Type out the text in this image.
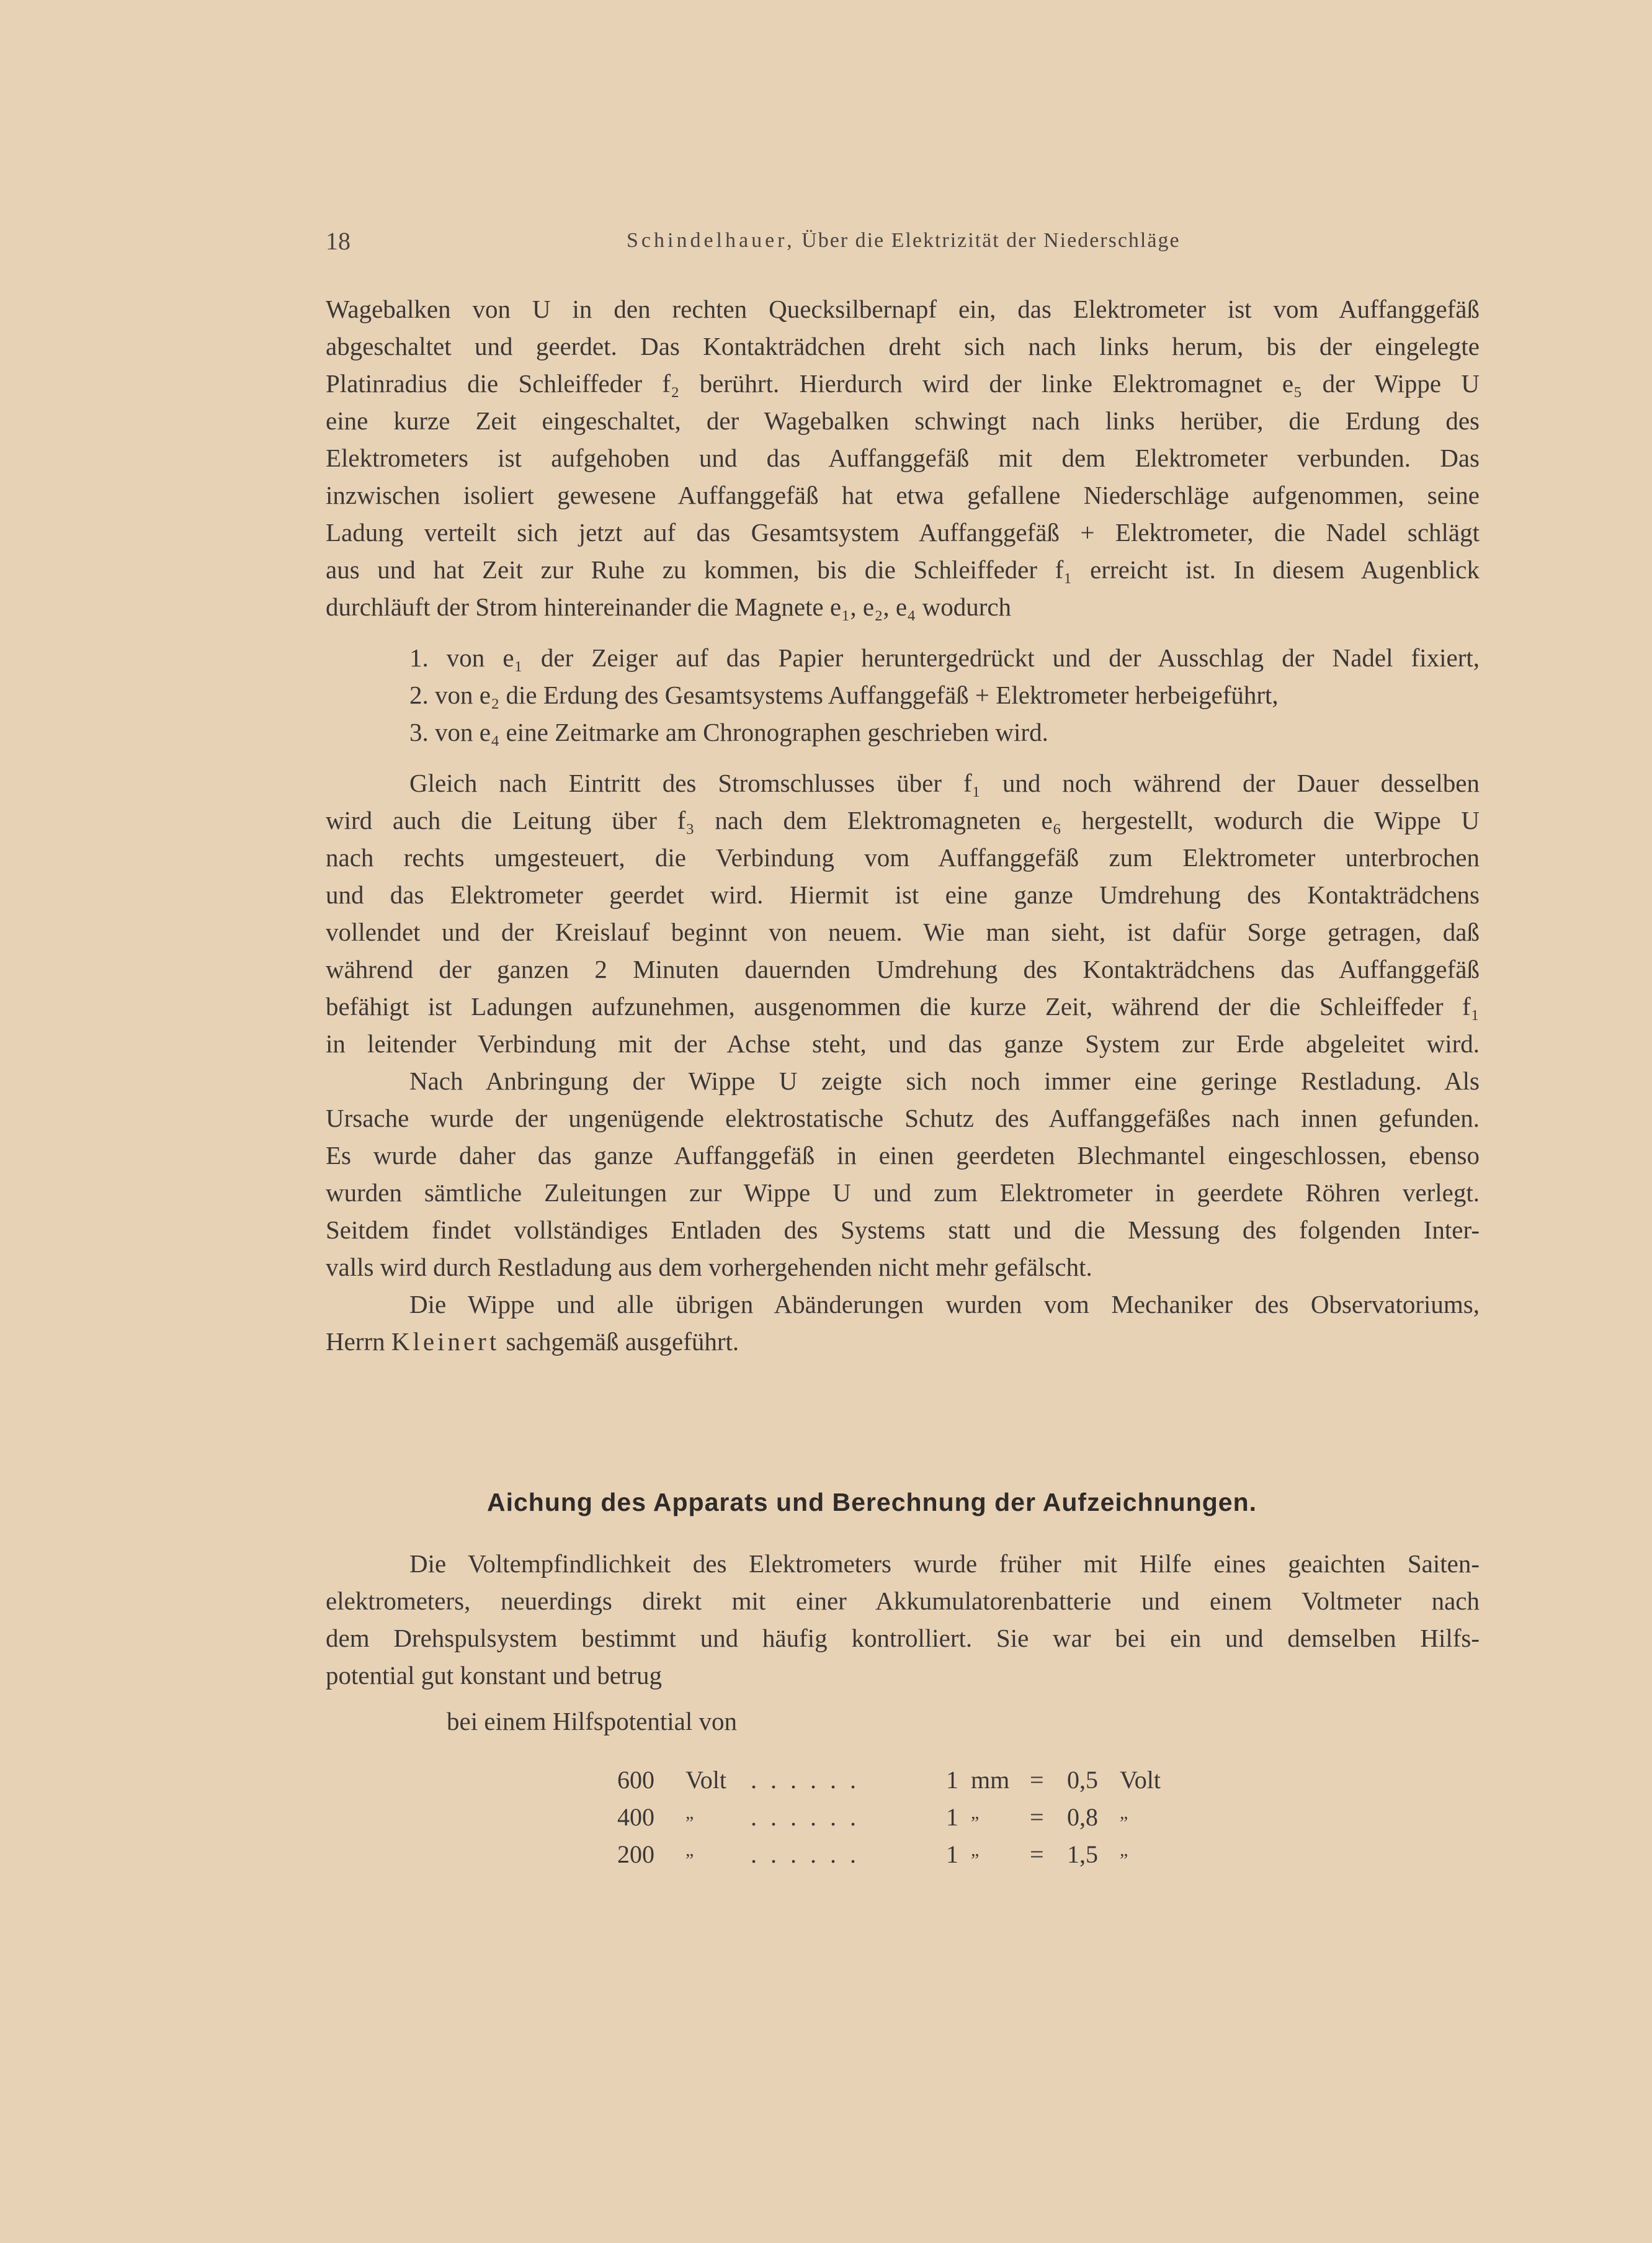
18	Schindelhauer, Über die Elektrizität der Niederschläge
Wagebalken von U in den rechten Quecksilbernapf ein, das Elektrometer ist vom Auffanggefäß
abgeschaltet und geerdet. Das Kontakträdchen dreht sich nach links herum, bis der eingelegte
Platinradius die Schleiffeder f₂ berührt. Hierdurch wird der linke Elektromagnet e₅ der Wippe U
eine kurze Zeit eingeschaltet, der Wagebalken schwingt nach links herüber, die Erdung des
Elektrometers ist aufgehoben und das Auffanggefäß mit dem Elektrometer verbunden. Das
inzwischen isoliert gewesene Auffanggefäß hat etwa gefallene Niederschläge aufgenommen, seine
Ladung verteilt sich jetzt auf das Gesamtsystem Auffanggefäß + Elektrometer, die Nadel schlägt
aus und hat Zeit zur Ruhe zu kommen, bis die Schleiffeder f₁ erreicht ist. In diesem Augenblick
durchläuft der Strom hintereinander die Magnete e₁, e₂, e₄ wodurch
1. von e₁ der Zeiger auf das Papier heruntergedrückt und der Ausschlag der Nadel fixiert,
2. von e₂ die Erdung des Gesamtsystems Auffanggefäß + Elektrometer herbeigeführt,
3. von e₄ eine Zeitmarke am Chronographen geschrieben wird.
Gleich nach Eintritt des Stromschlusses über f₁ und noch während der Dauer desselben
wird auch die Leitung über f₃ nach dem Elektromagneten e₆ hergestellt, wodurch die Wippe U
nach rechts umgesteuert, die Verbindung vom Auffanggefäß zum Elektrometer unterbrochen
und das Elektrometer geerdet wird. Hiermit ist eine ganze Umdrehung des Kontakträdchens
vollendet und der Kreislauf beginnt von neuem. Wie man sieht, ist dafür Sorge getragen, daß
während der ganzen 2 Minuten dauernden Umdrehung des Kontakträdchens das Auffanggefäß
befähigt ist Ladungen aufzunehmen, ausgenommen die kurze Zeit, während der die Schleiffeder f₁
in leitender Verbindung mit der Achse steht, und das ganze System zur Erde abgeleitet wird.
Nach Anbringung der Wippe U zeigte sich noch immer eine geringe Restladung. Als
Ursache wurde der ungenügende elektrostatische Schutz des Auffanggefäßes nach innen gefunden.
Es wurde daher das ganze Auffanggefäß in einen geerdeten Blechmantel eingeschlossen, ebenso
wurden sämtliche Zuleitungen zur Wippe U und zum Elektrometer in geerdete Röhren verlegt.
Seitdem findet vollständiges Entladen des Systems statt und die Messung des folgenden Inter-
valls wird durch Restladung aus dem vorhergehenden nicht mehr gefälscht.
Die Wippe und alle übrigen Abänderungen wurden vom Mechaniker des Observatoriums,
Herrn Kleinert sachgemäß ausgeführt.
Aichung des Apparats und Berechnung der Aufzeichnungen.
Die Voltempfindlichkeit des Elektrometers wurde früher mit Hilfe eines geaichten Saiten-
elektrometers, neuerdings direkt mit einer Akkumulatorenbatterie und einem Voltmeter nach
dem Drehspulsystem bestimmt und häufig kontrolliert. Sie war bei ein und demselben Hilfs-
potential gut konstant und betrug
bei einem Hilfspotential von
600 Volt ......	1 mm = 0,5 Volt
400 „ ......	1 „ = 0,8 „
200 „ ......	1 „ = 1,5 „
